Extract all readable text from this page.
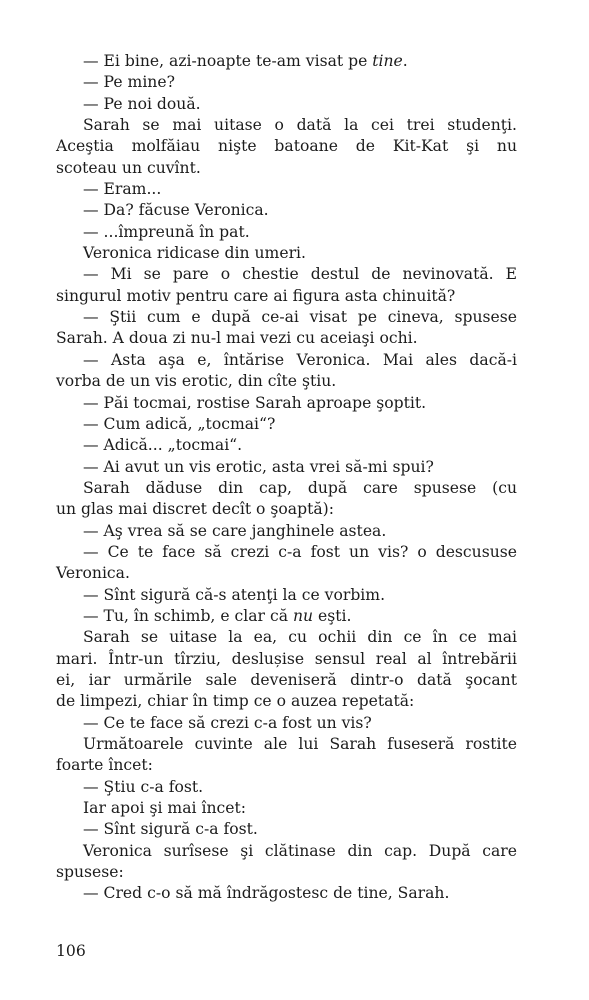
— Ei bine, azi-noapte te-am visat pe tine.
— Pe mine?
— Pe noi două.
Sarah se mai uitase o dată la cei trei studenţi.
Aceştia molfăiau nişte batoane de Kit-Kat şi nu
scoteau un cuvînt.
— Eram...
— Da? făcuse Veronica.
— ...împreună în pat.
Veronica ridicase din umeri.
— Mi se pare o chestie destul de nevinovată. E
singurul motiv pentru care ai figura asta chinuită?
— Ştii cum e după ce-ai visat pe cineva, spusese
Sarah. A doua zi nu-l mai vezi cu aceiaşi ochi.
— Asta aşa e, întărise Veronica. Mai ales dacă-i
vorba de un vis erotic, din cîte ştiu.
— Păi tocmai, rostise Sarah aproape şoptit.
— Cum adică, „tocmai“?
— Adică... „tocmai“.
— Ai avut un vis erotic, asta vrei să-mi spui?
Sarah dăduse din cap, după care spusese (cu
un glas mai discret decît o şoaptă):
— Aş vrea să se care janghinele astea.
— Ce te face să crezi c-a fost un vis? o descususe
Veronica.
— Sînt sigură că-s atenţi la ce vorbim.
— Tu, în schimb, e clar că nu eşti.
Sarah se uitase la ea, cu ochii din ce în ce mai
mari. Într-un tîrziu, deslușise sensul real al întrebării
ei, iar urmările sale deveniseră dintr-o dată şocant
de limpezi, chiar în timp ce o auzea repetată:
— Ce te face să crezi c-a fost un vis?
Următoarele cuvinte ale lui Sarah fuseseră rostite
foarte încet:
— Ştiu c-a fost.
Iar apoi şi mai încet:
— Sînt sigură c-a fost.
Veronica surîsese şi clătinase din cap. După care
spusese:
— Cred c-o să mă îndrăgostesc de tine, Sarah.
106
